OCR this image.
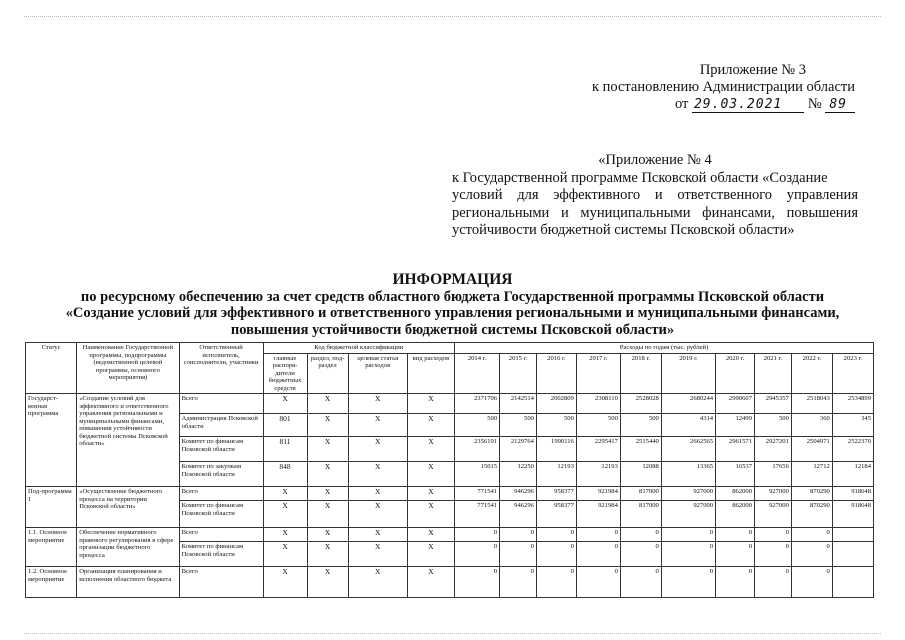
Приложение № 3
к постановлению Администрации области
от 29.03.2021 № 89
«Приложение № 4
к Государственной программе Псковской области «Создание
условий для эффективного и ответственного управления
региональными и муниципальными финансами, повышения
устойчивости бюджетной системы Псковской области»
ИНФОРМАЦИЯ
по ресурсному обеспечению за счет средств областного бюджета Государственной программы Псковской области
«Создание условий для эффективного и ответственного управления региональными и муниципальными финансами,
повышения устойчивости бюджетной системы Псковской области»
Статус	Наименование Государственной программы, подпрограммы (ведомственной целевой программы, основного мероприятия)	Ответственный исполнитель, соисполнители, участники	Код бюджетной классификации				Расходы по годам (тыс. рублей)									
			главные распоря-дители бюджетных средств	раздел, под-раздел	целевая статья расходов	вид расходов	2014 г.	2015 г.	2016 г.	2017 г.	2018 г.	2019 г.	2020 г.	2021 г.	2022 г.	2023 г.
Государст-венная программа	«Создание условий для эффективного и ответственного управления региональными и муниципальными финансами, повышения устойчивости бюджетной системы Псковской области»	Всего	X	X	X	X	2371706	2142514	2002809	2308110	2528028	2680244	2990607	2945357	2518043	2534899
		Администрация Псковской области	801	X	X	X	500	500	500	500	500	4314	12499	500	360	345
		Комитет по финансам Псковской области	811	X	X	X	2356191	2129764	1990116	2295417	2515440	2662565	2961571	2927201	2504971	2522370
		Комитет по закупкам Псковской области	848	X	X	X	15015	12250	12193	12193	12088	13365	16537	17656	12712	12184
Под-программа 1	«Осуществление бюджетного процесса на территории Псковской области»	Всего	X	X	X	X	771541	946296	958377	921984	817000	927000	862000	927000	870290	918648
		Комитет по финансам Псковской области	X	X	X	X	771541	946296	958377	921984	817000	927000	862000	927000	870290	918648
1.1. Основное мероприятие	Обеспечение нормативного правового регулирования в сфере организации бюджетного процесса	Всего	X	X	X	X	0	0	0	0	0	0	0	0	0	
		Комитет по финансам Псковской области	X	X	X	X	0	0	0	0	0	0	0	0	0	
1.2. Основное мероприятие	Организация планирования и исполнения областного бюджета	Всего	X	X	X	X	0	0	0	0	0	0	0	0	0	
